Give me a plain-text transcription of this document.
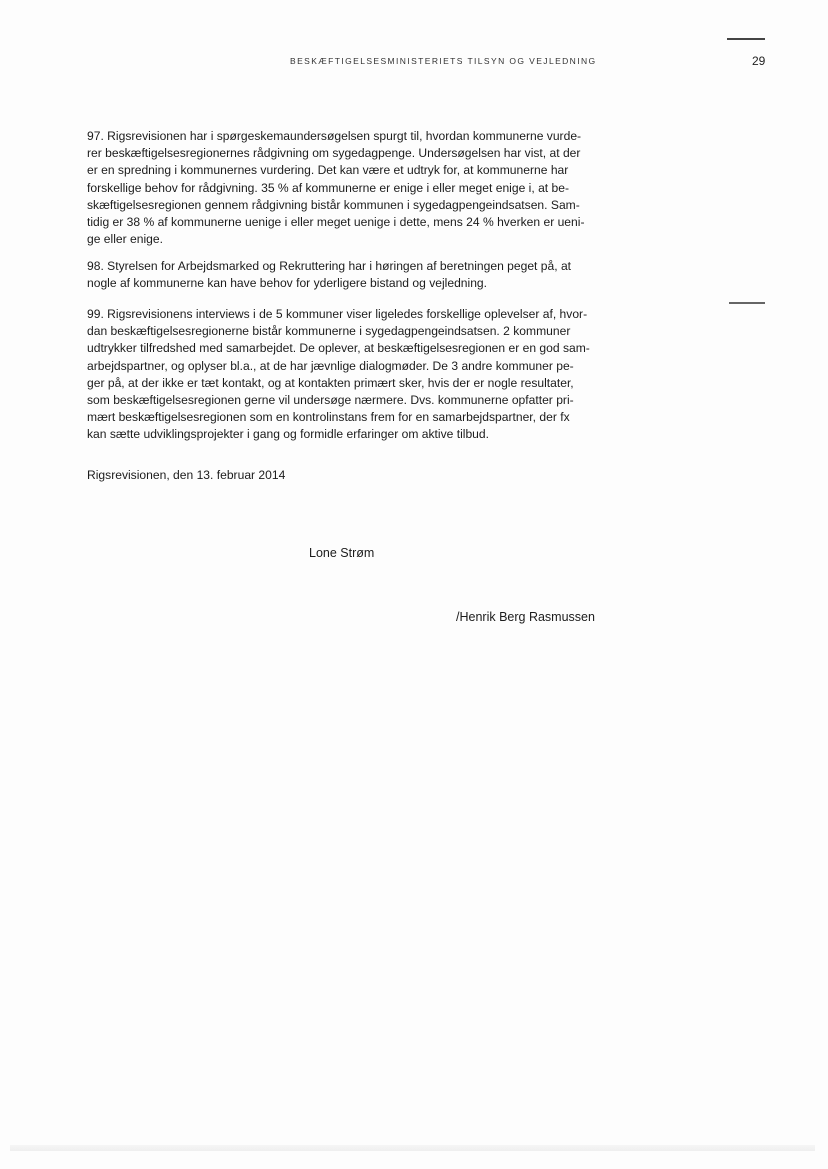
BESKÆFTIGELSESMINISTERIETS TILSYN OG VEJLEDNING	29
97. Rigsrevisionen har i spørgeskemaundersøgelsen spurgt til, hvordan kommunerne vurde-
rer beskæftigelsesregionernes rådgivning om sygedagpenge. Undersøgelsen har vist, at der
er en spredning i kommunernes vurdering. Det kan være et udtryk for, at kommunerne har
forskellige behov for rådgivning. 35 % af kommunerne er enige i eller meget enige i, at be-
skæftigelsesregionen gennem rådgivning bistår kommunen i sygedagpengeindsatsen. Sam-
tidig er 38 % af kommunerne uenige i eller meget uenige i dette, mens 24 % hverken er ueni-
ge eller enige.
98. Styrelsen for Arbejdsmarked og Rekruttering har i høringen af beretningen peget på, at
nogle af kommunerne kan have behov for yderligere bistand og vejledning.
99. Rigsrevisionens interviews i de 5 kommuner viser ligeledes forskellige oplevelser af, hvor-
dan beskæftigelsesregionerne bistår kommunerne i sygedagpengeindsatsen. 2 kommuner
udtrykker tilfredshed med samarbejdet. De oplever, at beskæftigelsesregionen er en god sam-
arbejdspartner, og oplyser bl.a., at de har jævnlige dialogmøder. De 3 andre kommuner pe-
ger på, at der ikke er tæt kontakt, og at kontakten primært sker, hvis der er nogle resultater,
som beskæftigelsesregionen gerne vil undersøge nærmere. Dvs. kommunerne opfatter pri-
mært beskæftigelsesregionen som en kontrolinstans frem for en samarbejdspartner, der fx
kan sætte udviklingsprojekter i gang og formidle erfaringer om aktive tilbud.
Rigsrevisionen, den 13. februar 2014
Lone Strøm
/Henrik Berg Rasmussen
